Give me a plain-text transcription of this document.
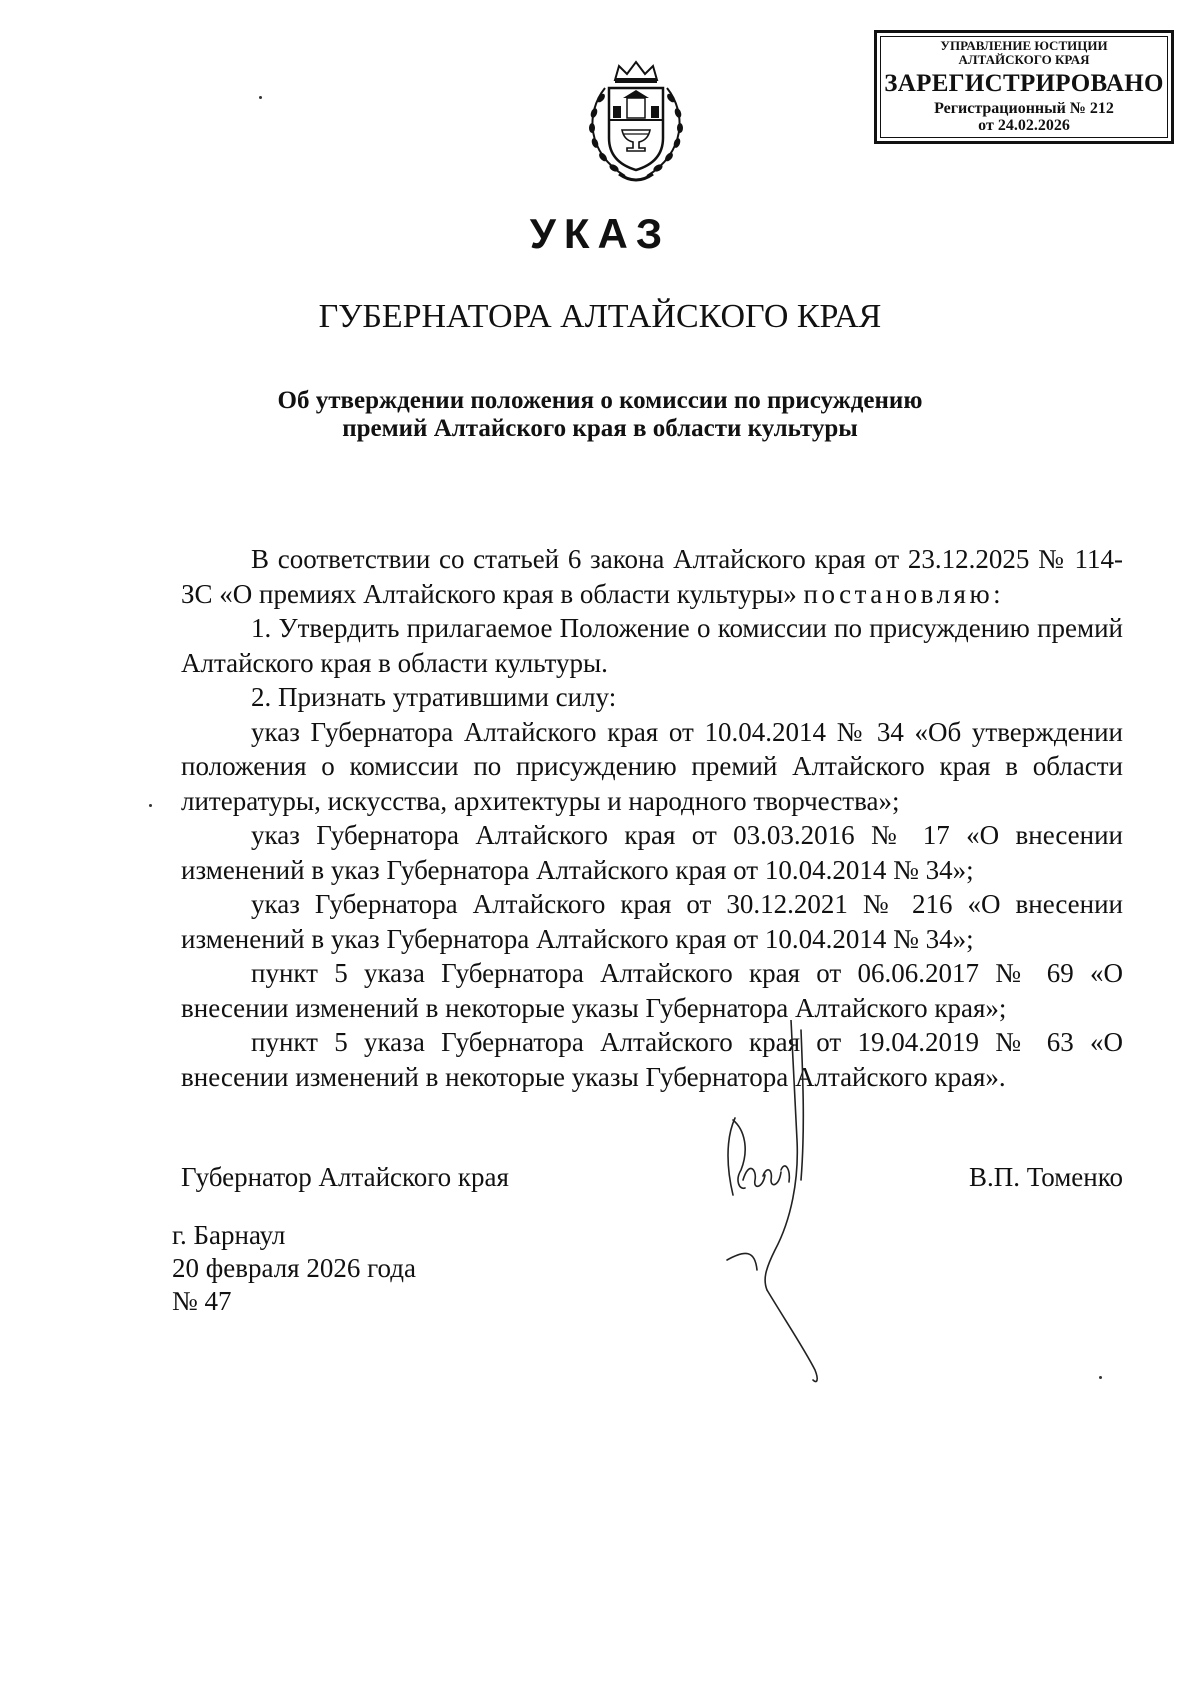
УПРАВЛЕНИЕ ЮСТИЦИИ
АЛТАЙСКОГО КРАЯ
ЗАРЕГИСТРИРОВАНО
Регистрационный № 212
от 24.02.2026
УКАЗ
ГУБЕРНАТОРА АЛТАЙСКОГО КРАЯ
Об утверждении положения о комиссии по присуждению
премий Алтайского края в области культуры

В соответствии со статьей 6 закона Алтайского края от 23.12.2025 № 114-ЗС «О премиях Алтайского края в области культуры» постановляю:

1. Утвердить прилагаемое Положение о комиссии по присуждению премий Алтайского края в области культуры.

2. Признать утратившими силу:

указ Губернатора Алтайского края от 10.04.2014 № 34 «Об утверждении положения о комиссии по присуждению премий Алтайского края в области литературы, искусства, архитектуры и народного творчества»;

указ Губернатора Алтайского края от 03.03.2016 № 17 «О внесении изменений в указ Губернатора Алтайского края от 10.04.2014 № 34»;

указ Губернатора Алтайского края от 30.12.2021 № 216 «О внесении изменений в указ Губернатора Алтайского края от 10.04.2014 № 34»;

пункт 5 указа Губернатора Алтайского края от 06.06.2017 № 69 «О внесении изменений в некоторые указы Губернатора Алтайского края»;

пункт 5 указа Губернатора Алтайского края от 19.04.2019 № 63 «О внесении изменений в некоторые указы Губернатора Алтайского края».

Губернатор Алтайского края	В.П. Томенко
г. Барнаул
20 февраля 2026 года
№ 47
